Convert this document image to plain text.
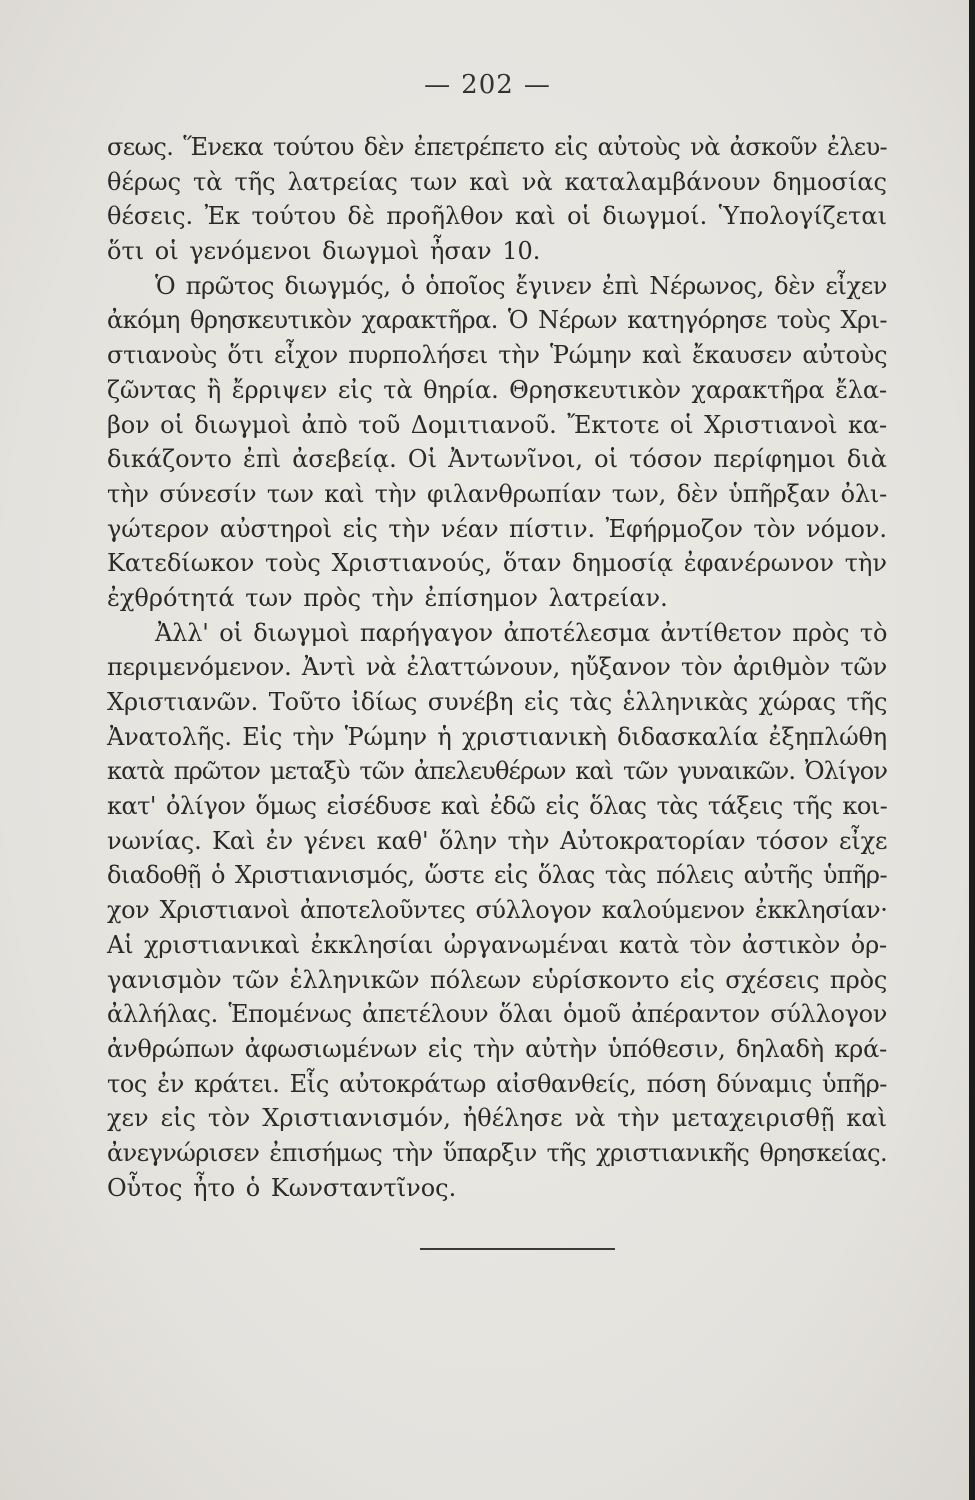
— 202 —
σεως. Ἕνεκα τούτου δὲν ἐπετρέπετο εἰς αὐτοὺς νὰ ἀσκοῦν ἐλευ-
θέρως τὰ τῆς λατρείας των καὶ νὰ καταλαμβάνουν δημοσίας
θέσεις. Ἐκ τούτου δὲ προῆλθον καὶ οἱ διωγμοί. Ὑπολογίζεται
ὅτι οἱ γενόμενοι διωγμοὶ ἦσαν 10.
Ὁ πρῶτος διωγμός, ὁ ὁποῖος ἔγινεν ἐπὶ Νέρωνος, δὲν εἶχεν
ἀκόμη θρησκευτικὸν χαρακτῆρα. Ὁ Νέρων κατηγόρησε τοὺς Χρι-
στιανοὺς ὅτι εἶχον πυρπολήσει τὴν Ῥώμην καὶ ἔκαυσεν αὐτοὺς
ζῶντας ἢ ἔρριψεν εἰς τὰ θηρία. Θρησκευτικὸν χαρακτῆρα ἔλα-
βον οἱ διωγμοὶ ἀπὸ τοῦ Δομιτιανοῦ. Ἔκτοτε οἱ Χριστιανοὶ κα-
δικάζοντο ἐπὶ ἀσεβείᾳ. Οἱ Ἀντωνῖνοι, οἱ τόσον περίφημοι διὰ
τὴν σύνεσίν των καὶ τὴν φιλανθρωπίαν των, δὲν ὑπῆρξαν ὀλι-
γώτερον αὐστηροὶ εἰς τὴν νέαν πίστιν. Ἐφήρμοζον τὸν νόμον.
Κατεδίωκον τοὺς Χριστιανούς, ὅταν δημοσίᾳ ἐφανέρωνον τὴν
ἐχθρότητά των πρὸς τὴν ἐπίσημον λατρείαν.
Ἀλλ' οἱ διωγμοὶ παρήγαγον ἀποτέλεσμα ἀντίθετον πρὸς τὸ
περιμενόμενον. Ἀντὶ νὰ ἐλαττώνουν, ηὔξανον τὸν ἀριθμὸν τῶν
Χριστιανῶν. Τοῦτο ἰδίως συνέβη εἰς τὰς ἑλληνικὰς χώρας τῆς
Ἀνατολῆς. Εἰς τὴν Ῥώμην ἡ χριστιανικὴ διδασκαλία ἐξηπλώθη
κατὰ πρῶτον μεταξὺ τῶν ἀπελευθέρων καὶ τῶν γυναικῶν. Ὀλίγον
κατ' ὀλίγον ὅμως εἰσέδυσε καὶ ἐδῶ εἰς ὅλας τὰς τάξεις τῆς κοι-
νωνίας. Καὶ ἐν γένει καθ' ὅλην τὴν Αὐτοκρατορίαν τόσον εἶχε
διαδοθῇ ὁ Χριστιανισμός, ὥστε εἰς ὅλας τὰς πόλεις αὐτῆς ὑπῆρ-
χον Χριστιανοὶ ἀποτελοῦντες σύλλογον καλούμενον ἐκκλησίαν·
Αἱ χριστιανικαὶ ἐκκλησίαι ὠργανωμέναι κατὰ τὸν ἀστικὸν ὀρ-
γανισμὸν τῶν ἑλληνικῶν πόλεων εὑρίσκοντο εἰς σχέσεις πρὸς
ἀλλήλας. Ἑπομένως ἀπετέλουν ὅλαι ὁμοῦ ἀπέραντον σύλλογον
ἀνθρώπων ἀφωσιωμένων εἰς τὴν αὐτὴν ὑπόθεσιν, δηλαδὴ κρά-
τος ἐν κράτει. Εἷς αὐτοκράτωρ αἰσθανθείς, πόση δύναμις ὑπῆρ-
χεν εἰς τὸν Χριστιανισμόν, ἠθέλησε νὰ τὴν μεταχειρισθῇ καὶ
ἀνεγνώρισεν ἐπισήμως τὴν ὕπαρξιν τῆς χριστιανικῆς θρησκείας.
Οὗτος ἦτο ὁ Κωνσταντῖνος.
